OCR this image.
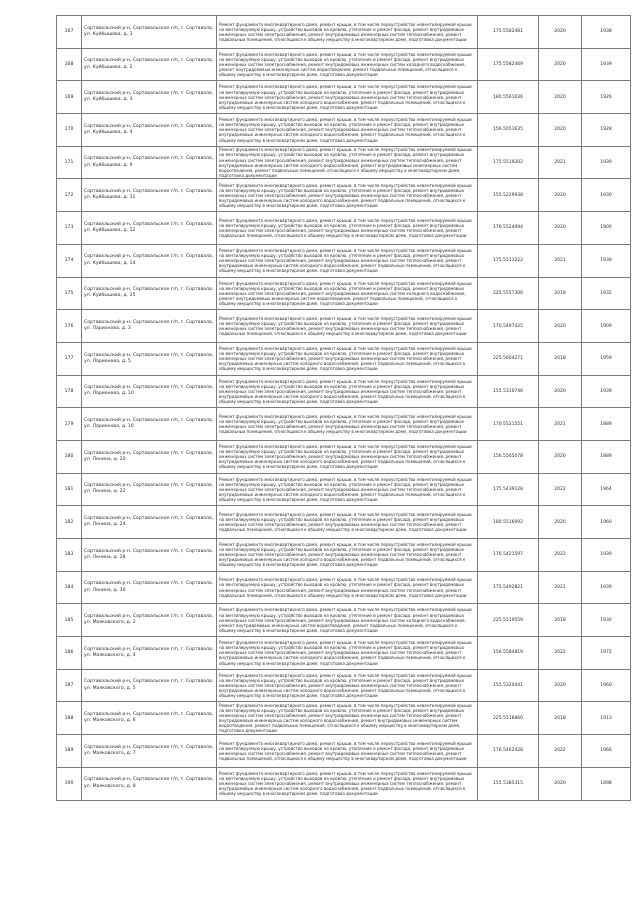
167	Сортавальский р-н, Сортавальское г/п, г. Сортавала, ул. Куйбышева, д. 1	Ремонт фундамента многоквартирного дома, ремонт крыши, в том числе переустройство невентилируемой крыши на вентилируемую крышу, устройство выходов на кровлю, утепление и ремонт фасада, ремонт внутридомовых инженерных систем электроснабжения, ремонт внутридомовых инженерных систем теплоснабжения, ремонт подвальных помещений, относящихся к общему имуществу в многоквартирном доме, подготовка документации	175.5582481	2020	1938
168	Сортавальский р-н, Сортавальское г/п, г. Сортавала, ул. Куйбышева, д. 2	Ремонт фундамента многоквартирного дома, ремонт крыши, в том числе переустройство невентилируемой крыши на вентилируемую крышу, устройство выходов на кровлю, утепление и ремонт фасада, ремонт внутридомовых инженерных систем электроснабжения, ремонт внутридомовых инженерных систем холодного водоснабжения, ремонт внутридомовых инженерных систем водоотведения, ремонт подвальных помещений, относящихся к общему имуществу в многоквартирном доме, подготовка документации	175.5582469	2020	1939
169	Сортавальский р-н, Сортавальское г/п, г. Сортавала, ул. Куйбышева, д. 3	Ремонт фундамента многоквартирного дома, ремонт крыши, в том числе переустройство невентилируемой крыши на вентилируемую крышу, устройство выходов на кровлю, утепление и ремонт фасада, ремонт внутридомовых инженерных систем электроснабжения, ремонт внутридомовых инженерных систем теплоснабжения, ремонт внутридомовых инженерных систем холодного водоснабжения, ремонт подвальных помещений, относящихся к общему имуществу в многоквартирном доме, подготовка документации	180.5561036	2020	1926
170	Сортавальский р-н, Сортавальское г/п, г. Сортавала, ул. Куйбышева, д. 4	Ремонт фундамента многоквартирного дома, ремонт крыши, в том числе переустройство невентилируемой крыши на вентилируемую крышу, устройство выходов на кровлю, утепление и ремонт фасада, ремонт внутридомовых инженерных систем электроснабжения, ремонт внутридомовых инженерных систем теплоснабжения, ремонт внутридомовых инженерных систем холодного водоснабжения, ремонт подвальных помещений, относящихся к общему имуществу в многоквартирном доме, подготовка документации	156.5051635	2020	1928
171	Сортавальский р-н, Сортавальское г/п, г. Сортавала, ул. Куйбышева, д. 9	Ремонт фундамента многоквартирного дома, ремонт крыши, в том числе переустройство невентилируемой крыши на вентилируемую крышу, устройство выходов на кровлю, утепление и ремонт фасада, ремонт внутридомовых инженерных систем электроснабжения, ремонт внутридомовых инженерных систем теплоснабжения, ремонт внутридомовых инженерных систем холодного водоснабжения, ремонт внутридомовых инженерных систем водоотведения, ремонт подвальных помещений, относящихся к общему имуществу в многоквартирном доме, подготовка документации	175.5519202	2021	1939
172	Сортавальский р-н, Сортавальское г/п, г. Сортавала, ул. Куйбышева, д. 11	Ремонт фундамента многоквартирного дома, ремонт крыши, в том числе переустройство невентилируемой крыши на вентилируемую крышу, устройство выходов на кровлю, утепление и ремонт фасада, ремонт внутридомовых инженерных систем электроснабжения, ремонт внутридомовых инженерных систем теплоснабжения, ремонт внутридомовых инженерных систем холодного водоснабжения, ремонт подвальных помещений, относящихся к общему имуществу в многоквартирном доме, подготовка документации	155.5229938	2020	1930
173	Сортавальский р-н, Сортавальское г/п, г. Сортавала, ул. Куйбышева, д. 12	Ремонт фундамента многоквартирного дома, ремонт крыши, в том числе переустройство невентилируемой крыши на вентилируемую крышу, устройство выходов на кровлю, утепление и ремонт фасада, ремонт внутридомовых инженерных систем электроснабжения, ремонт внутридомовых инженерных систем теплоснабжения, ремонт подвальных помещений, относящихся к общему имуществу в многоквартирном доме, подготовка документации	176.5524094	2020	1900
174	Сортавальский р-н, Сортавальское г/п, г. Сортавала, ул. Куйбышева, д. 14	Ремонт фундамента многоквартирного дома, ремонт крыши, в том числе переустройство невентилируемой крыши на вентилируемую крышу, устройство выходов на кровлю, утепление и ремонт фасада, ремонт внутридомовых инженерных систем электроснабжения, ремонт внутридомовых инженерных систем теплоснабжения, ремонт внутридомовых инженерных систем холодного водоснабжения, ремонт подвальных помещений, относящихся к общему имуществу в многоквартирном доме, подготовка документации	175.5513222	2021	1938
175	Сортавальский р-н, Сортавальское г/п, г. Сортавала, ул. Куйбышева, д. 15	Ремонт фундамента многоквартирного дома, ремонт крыши, в том числе переустройство невентилируемой крыши на вентилируемую крышу, устройство выходов на кровлю, утепление и ремонт фасада, ремонт внутридомовых инженерных систем электроснабжения, ремонт внутридомовых инженерных систем холодного водоснабжения, ремонт внутридомовых инженерных систем водоотведения, ремонт подвальных помещений, относящихся к общему имуществу в многоквартирном доме, подготовка документации	225.5557306	2018	1932
176	Сортавальский р-н, Сортавальское г/п, г. Сортавала, ул. Ларионова, д. 3	Ремонт фундамента многоквартирного дома, ремонт крыши, в том числе переустройство невентилируемой крыши на вентилируемую крышу, устройство выходов на кровлю, утепление и ремонт фасада, ремонт внутридомовых инженерных систем электроснабжения, ремонт внутридомовых инженерных систем теплоснабжения, ремонт подвальных помещений, относящихся к общему имуществу в многоквартирном доме, подготовка документации	170.5497425	2020	1909
177	Сортавальский р-н, Сортавальское г/п, г. Сортавала, ул. Ларионова, д. 5	Ремонт фундамента многоквартирного дома, ремонт крыши, в том числе переустройство невентилируемой крыши на вентилируемую крышу, устройство выходов на кровлю, утепление и ремонт фасада, ремонт внутридомовых инженерных систем электроснабжения, ремонт внутридомовых инженерных систем теплоснабжения, ремонт внутридомовых инженерных систем холодного водоснабжения, ремонт подвальных помещений, относящихся к общему имуществу в многоквартирном доме, подготовка документации	225.5604271	2018	1959
178	Сортавальский р-н, Сортавальское г/п, г. Сортавала, ул. Ларионова, д. 10	Ремонт фундамента многоквартирного дома, ремонт крыши, в том числе переустройство невентилируемой крыши на вентилируемую крышу, устройство выходов на кровлю, утепление и ремонт фасада, ремонт внутридомовых инженерных систем электроснабжения, ремонт внутридомовых инженерных систем теплоснабжения, ремонт внутридомовых инженерных систем холодного водоснабжения, ремонт подвальных помещений, относящихся к общему имуществу в многоквартирном доме, подготовка документации	155.5310746	2020	1939
179	Сортавальский р-н, Сортавальское г/п, г. Сортавала, ул. Ларионова, д. 16	Ремонт фундамента многоквартирного дома, ремонт крыши, в том числе переустройство невентилируемой крыши на вентилируемую крышу, устройство выходов на кровлю, утепление и ремонт фасада, ремонт внутридомовых инженерных систем электроснабжения, ремонт внутридомовых инженерных систем теплоснабжения, ремонт подвальных помещений, относящихся к общему имуществу в многоквартирном доме, подготовка документации	170.5521551	2021	1889
180	Сортавальский р-н, Сортавальское г/п, г. Сортавала, ул. Ленина, д. 20	Ремонт фундамента многоквартирного дома, ремонт крыши, в том числе переустройство невентилируемой крыши на вентилируемую крышу, устройство выходов на кровлю, утепление и ремонт фасада, ремонт внутридомовых инженерных систем электроснабжения, ремонт внутридомовых инженерных систем теплоснабжения, ремонт внутридомовых инженерных систем холодного водоснабжения, ремонт подвальных помещений, относящихся к общему имуществу в многоквартирном доме, подготовка документации	156.5565078	2020	1889
181	Сортавальский р-н, Сортавальское г/п, г. Сортавала, ул. Ленина, д. 22	Ремонт фундамента многоквартирного дома, ремонт крыши, в том числе переустройство невентилируемой крыши на вентилируемую крышу, устройство выходов на кровлю, утепление и ремонт фасада, ремонт внутридомовых инженерных систем электроснабжения, ремонт внутридомовых инженерных систем теплоснабжения, ремонт внутридомовых инженерных систем холодного водоснабжения, ремонт подвальных помещений, относящихся к общему имуществу в многоквартирном доме, подготовка документации	175.5439128	2022	1964
182	Сортавальский р-н, Сортавальское г/п, г. Сортавала, ул. Ленина, д. 24	Ремонт фундамента многоквартирного дома, ремонт крыши, в том числе переустройство невентилируемой крыши на вентилируемую крышу, устройство выходов на кровлю, утепление и ремонт фасада, ремонт внутридомовых инженерных систем электроснабжения, ремонт внутридомовых инженерных систем теплоснабжения, ремонт подвальных помещений, относящихся к общему имуществу в многоквартирном доме, подготовка документации	180.5516092	2020	1960
183	Сортавальский р-н, Сортавальское г/п, г. Сортавала, ул. Ленина, д. 28	Ремонт фундамента многоквартирного дома, ремонт крыши, в том числе переустройство невентилируемой крыши на вентилируемую крышу, устройство выходов на кровлю, утепление и ремонт фасада, ремонт внутридомовых инженерных систем электроснабжения, ремонт внутридомовых инженерных систем теплоснабжения, ремонт внутридомовых инженерных систем холодного водоснабжения, ремонт подвальных помещений, относящихся к общему имуществу в многоквартирном доме, подготовка документации	176.5421597	2022	1939
184	Сортавальский р-н, Сортавальское г/п, г. Сортавала, ул. Ленина, д. 30	Ремонт фундамента многоквартирного дома, ремонт крыши, в том числе переустройство невентилируемой крыши на вентилируемую крышу, устройство выходов на кровлю, утепление и ремонт фасада, ремонт внутридомовых инженерных систем электроснабжения, ремонт внутридомовых инженерных систем теплоснабжения, ремонт подвальных помещений, относящихся к общему имуществу в многоквартирном доме, подготовка документации	175.5492821	2021	1939
185	Сортавальский р-н, Сортавальское г/п, г. Сортавала, ул. Маяковского, д. 2	Ремонт фундамента многоквартирного дома, ремонт крыши, в том числе переустройство невентилируемой крыши на вентилируемую крышу, устройство выходов на кровлю, утепление и ремонт фасада, ремонт внутридомовых инженерных систем электроснабжения, ремонт внутридомовых инженерных систем холодного водоснабжения, ремонт внутридомовых инженерных систем водоотведения, ремонт подвальных помещений, относящихся к общему имуществу в многоквартирном доме, подготовка документации	225.5519559	2018	1930
186	Сортавальский р-н, Сортавальское г/п, г. Сортавала, ул. Маяковского, д. 4	Ремонт фундамента многоквартирного дома, ремонт крыши, в том числе переустройство невентилируемой крыши на вентилируемую крышу, устройство выходов на кровлю, утепление и ремонт фасада, ремонт внутридомовых инженерных систем электроснабжения, ремонт внутридомовых инженерных систем теплоснабжения, ремонт внутридомовых инженерных систем холодного водоснабжения, ремонт подвальных помещений, относящихся к общему имуществу в многоквартирном доме, подготовка документации	156.5584819	2022	1972
187	Сортавальский р-н, Сортавальское г/п, г. Сортавала, ул. Маяковского, д. 5	Ремонт фундамента многоквартирного дома, ремонт крыши, в том числе переустройство невентилируемой крыши на вентилируемую крышу, устройство выходов на кровлю, утепление и ремонт фасада, ремонт внутридомовых инженерных систем электроснабжения, ремонт внутридомовых инженерных систем теплоснабжения, ремонт внутридомовых инженерных систем холодного водоснабжения, ремонт подвальных помещений, относящихся к общему имуществу в многоквартирном доме, подготовка документации	155.5320441	2020	1960
188	Сортавальский р-н, Сортавальское г/п, г. Сортавала, ул. Маяковского, д. 6	Ремонт фундамента многоквартирного дома, ремонт крыши, в том числе переустройство невентилируемой крыши на вентилируемую крышу, устройство выходов на кровлю, утепление и ремонт фасада, ремонт внутридомовых инженерных систем электроснабжения, ремонт внутридомовых инженерных систем теплоснабжения, ремонт внутридомовых инженерных систем холодного водоснабжения, ремонт внутридомовых инженерных систем водоотведения, ремонт подвальных помещений, относящихся к общему имуществу в многоквартирном доме, подготовка документации	225.5518860	2018	1913
189	Сортавальский р-н, Сортавальское г/п, г. Сортавала, ул. Маяковского, д. 7	Ремонт фундамента многоквартирного дома, ремонт крыши, в том числе переустройство невентилируемой крыши на вентилируемую крышу, устройство выходов на кровлю, утепление и ремонт фасада, ремонт внутридомовых инженерных систем электроснабжения, ремонт внутридомовых инженерных систем теплоснабжения, ремонт подвальных помещений, относящихся к общему имуществу в многоквартирном доме, подготовка документации	176.5462428	2022	1966
190	Сортавальский р-н, Сортавальское г/п, г. Сортавала, ул. Маяковского, д. 8	Ремонт фундамента многоквартирного дома, ремонт крыши, в том числе переустройство невентилируемой крыши на вентилируемую крышу, устройство выходов на кровлю, утепление и ремонт фасада, ремонт внутридомовых инженерных систем электроснабжения, ремонт внутридомовых инженерных систем теплоснабжения, ремонт внутридомовых инженерных систем холодного водоснабжения, ремонт подвальных помещений, относящихся к общему имуществу в многоквартирном доме, подготовка документации	155.5385315	2020	1898
